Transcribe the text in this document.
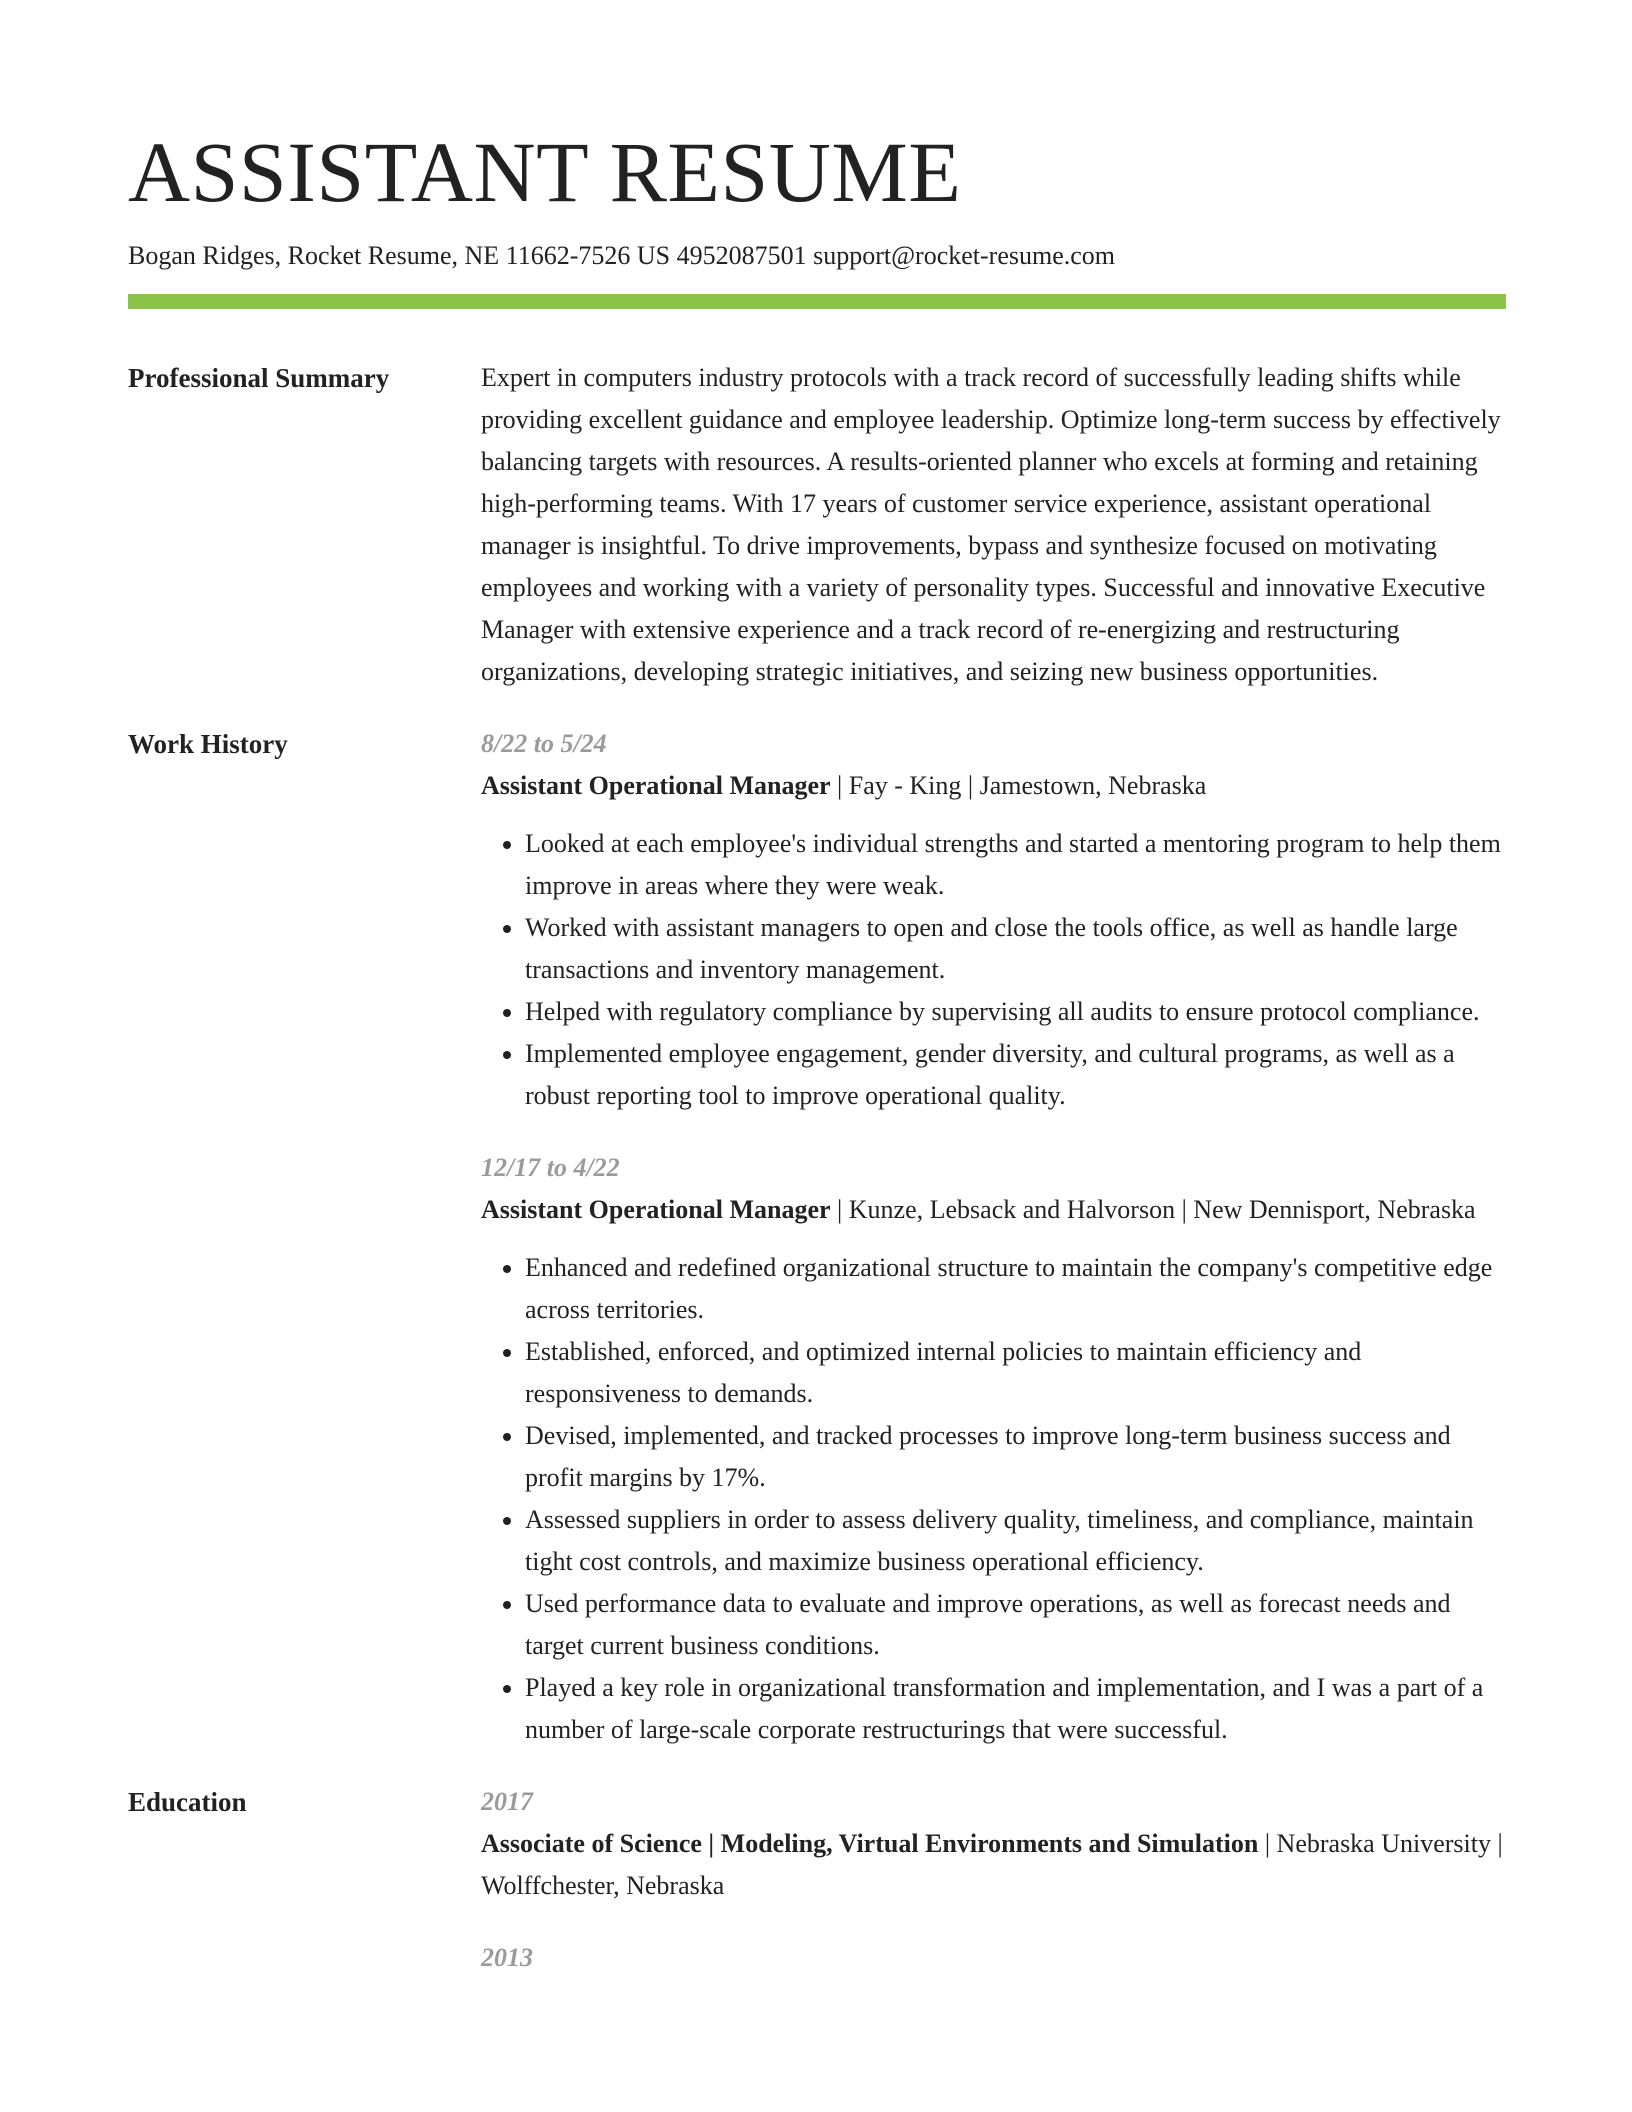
ASSISTANT RESUME
Bogan Ridges, Rocket Resume, NE 11662-7526 US 4952087501 support@rocket-resume.com
Professional Summary	Expert in computers industry protocols with a track record of successfully leading shifts while providing excellent guidance and employee leadership. Optimize long-term success by effectively balancing targets with resources. A results-oriented planner who excels at forming and retaining high-performing teams. With 17 years of customer service experience, assistant operational manager is insightful. To drive improvements, bypass and synthesize focused on motivating employees and working with a variety of personality types. Successful and innovative Executive Manager with extensive experience and a track record of re-energizing and restructuring organizations, developing strategic initiatives, and seizing new business opportunities.

Work History	8/22 to 5/24

Assistant Operational Manager | Fay - King | Jamestown, Nebraska

• Looked at each employee's individual strengths and started a mentoring program to help them improve in areas where they were weak.
• Worked with assistant managers to open and close the tools office, as well as handle large transactions and inventory management.
• Helped with regulatory compliance by supervising all audits to ensure protocol compliance.
• Implemented employee engagement, gender diversity, and cultural programs, as well as a robust reporting tool to improve operational quality.
12/17 to 4/22

Assistant Operational Manager | Kunze, Lebsack and Halvorson | New Dennisport, Nebraska

• Enhanced and redefined organizational structure to maintain the company's competitive edge across territories.
• Established, enforced, and optimized internal policies to maintain efficiency and responsiveness to demands.
• Devised, implemented, and tracked processes to improve long-term business success and profit margins by 17%.
• Assessed suppliers in order to assess delivery quality, timeliness, and compliance, maintain tight cost controls, and maximize business operational efficiency.
• Used performance data to evaluate and improve operations, as well as forecast needs and target current business conditions.
• Played a key role in organizational transformation and implementation, and I was a part of a number of large-scale corporate restructurings that were successful.
Education	2017

Associate of Science | Modeling, Virtual Environments and Simulation | Nebraska University | Wolffchester, Nebraska

2013
